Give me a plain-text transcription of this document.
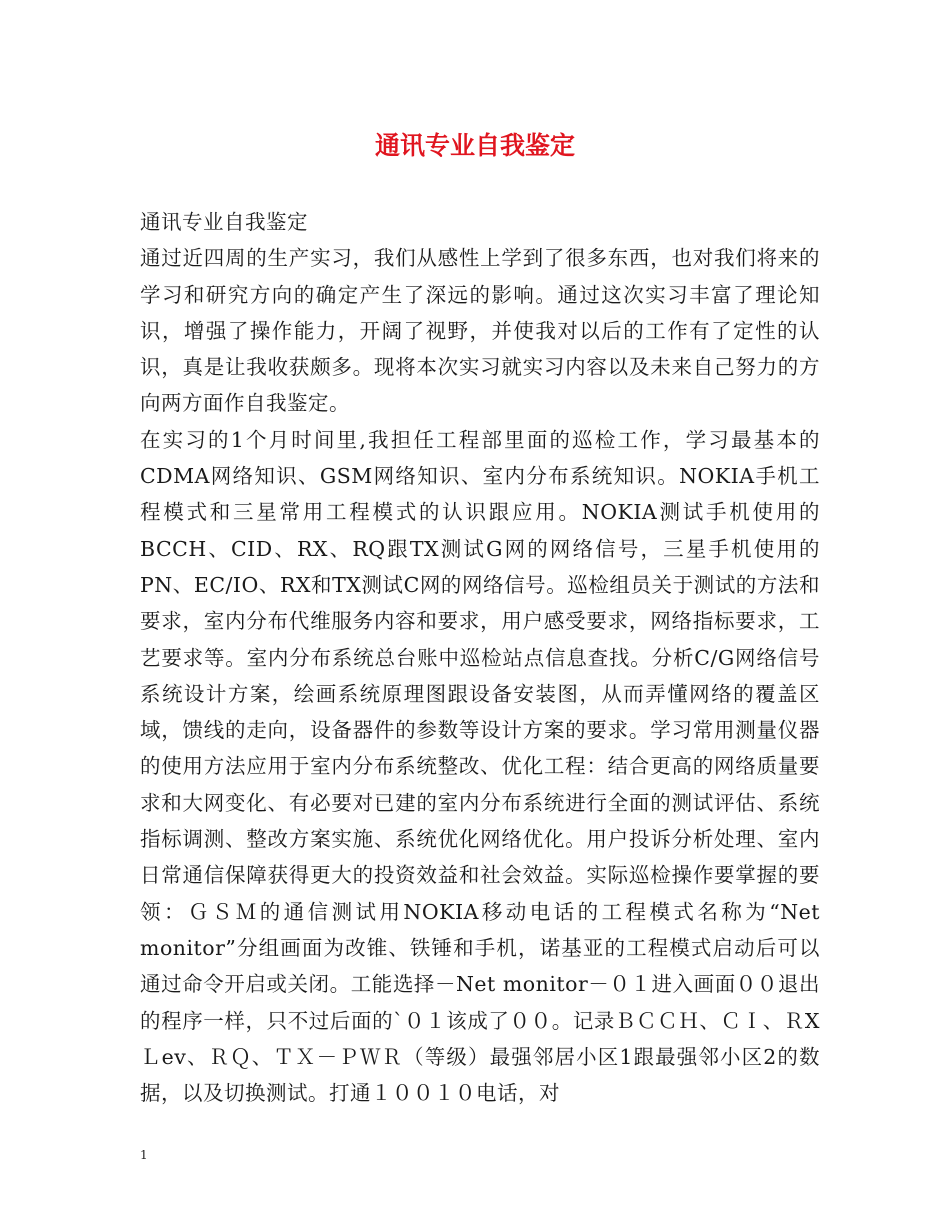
通讯专业自我鉴定

通讯专业自我鉴定

通过近四周的生产实习，我们从感性上学到了很多东西，也对我们将来的学习和研究方向的确定产生了深远的影响。通过这次实习丰富了理论知识，增强了操作能力，开阔了视野，并使我对以后的工作有了定性的认识，真是让我收获颇多。现将本次实习就实习内容以及未来自己努力的方向两方面作自我鉴定。

在实习的1个月时间里,我担任工程部里面的巡检工作，学习最基本的CDMA网络知识、GSM网络知识、室内分布系统知识。NOKIA手机工程模式和三星常用工程模式的认识跟应用。NOKIA测试手机使用的BCCH、CID、RX、RQ跟TX测试G网的网络信号，三星手机使用的PN、EC/IO、RX和TX测试C网的网络信号。巡检组员关于测试的方法和要求，室内分布代维服务内容和要求，用户感受要求，网络指标要求，工艺要求等。室内分布系统总台账中巡检站点信息查找。分析C/G网络信号系统设计方案，绘画系统原理图跟设备安装图，从而弄懂网络的覆盖区域，馈线的走向，设备器件的参数等设计方案的要求。学习常用测量仪器的使用方法应用于室内分布系统整改、优化工程：结合更高的网络质量要求和大网变化、有必要对已建的室内分布系统进行全面的测试评估、系统指标调测、整改方案实施、系统优化网络优化。用户投诉分析处理、室内日常通信保障获得更大的投资效益和社会效益。实际巡检操作要掌握的要领：ＧＳＭ的通信测试用NOKIA移动电话的工程模式名称为“Net monitor”分组画面为改锥、铁锤和手机，诺基亚的工程模式启动后可以通过命令开启或关闭。工能选择－Net monitor－０１进入画面００退出的程序一样，只不过后面的`０１该成了００。记录ＢＣＣＨ、ＣＩ、ＲⅩＬev、ＲＱ、ＴＸ－ＰＷＲ（等级）最强邻居小区1跟最强邻小区2的数据，以及切换测试。打通１００１０电话，对

1
